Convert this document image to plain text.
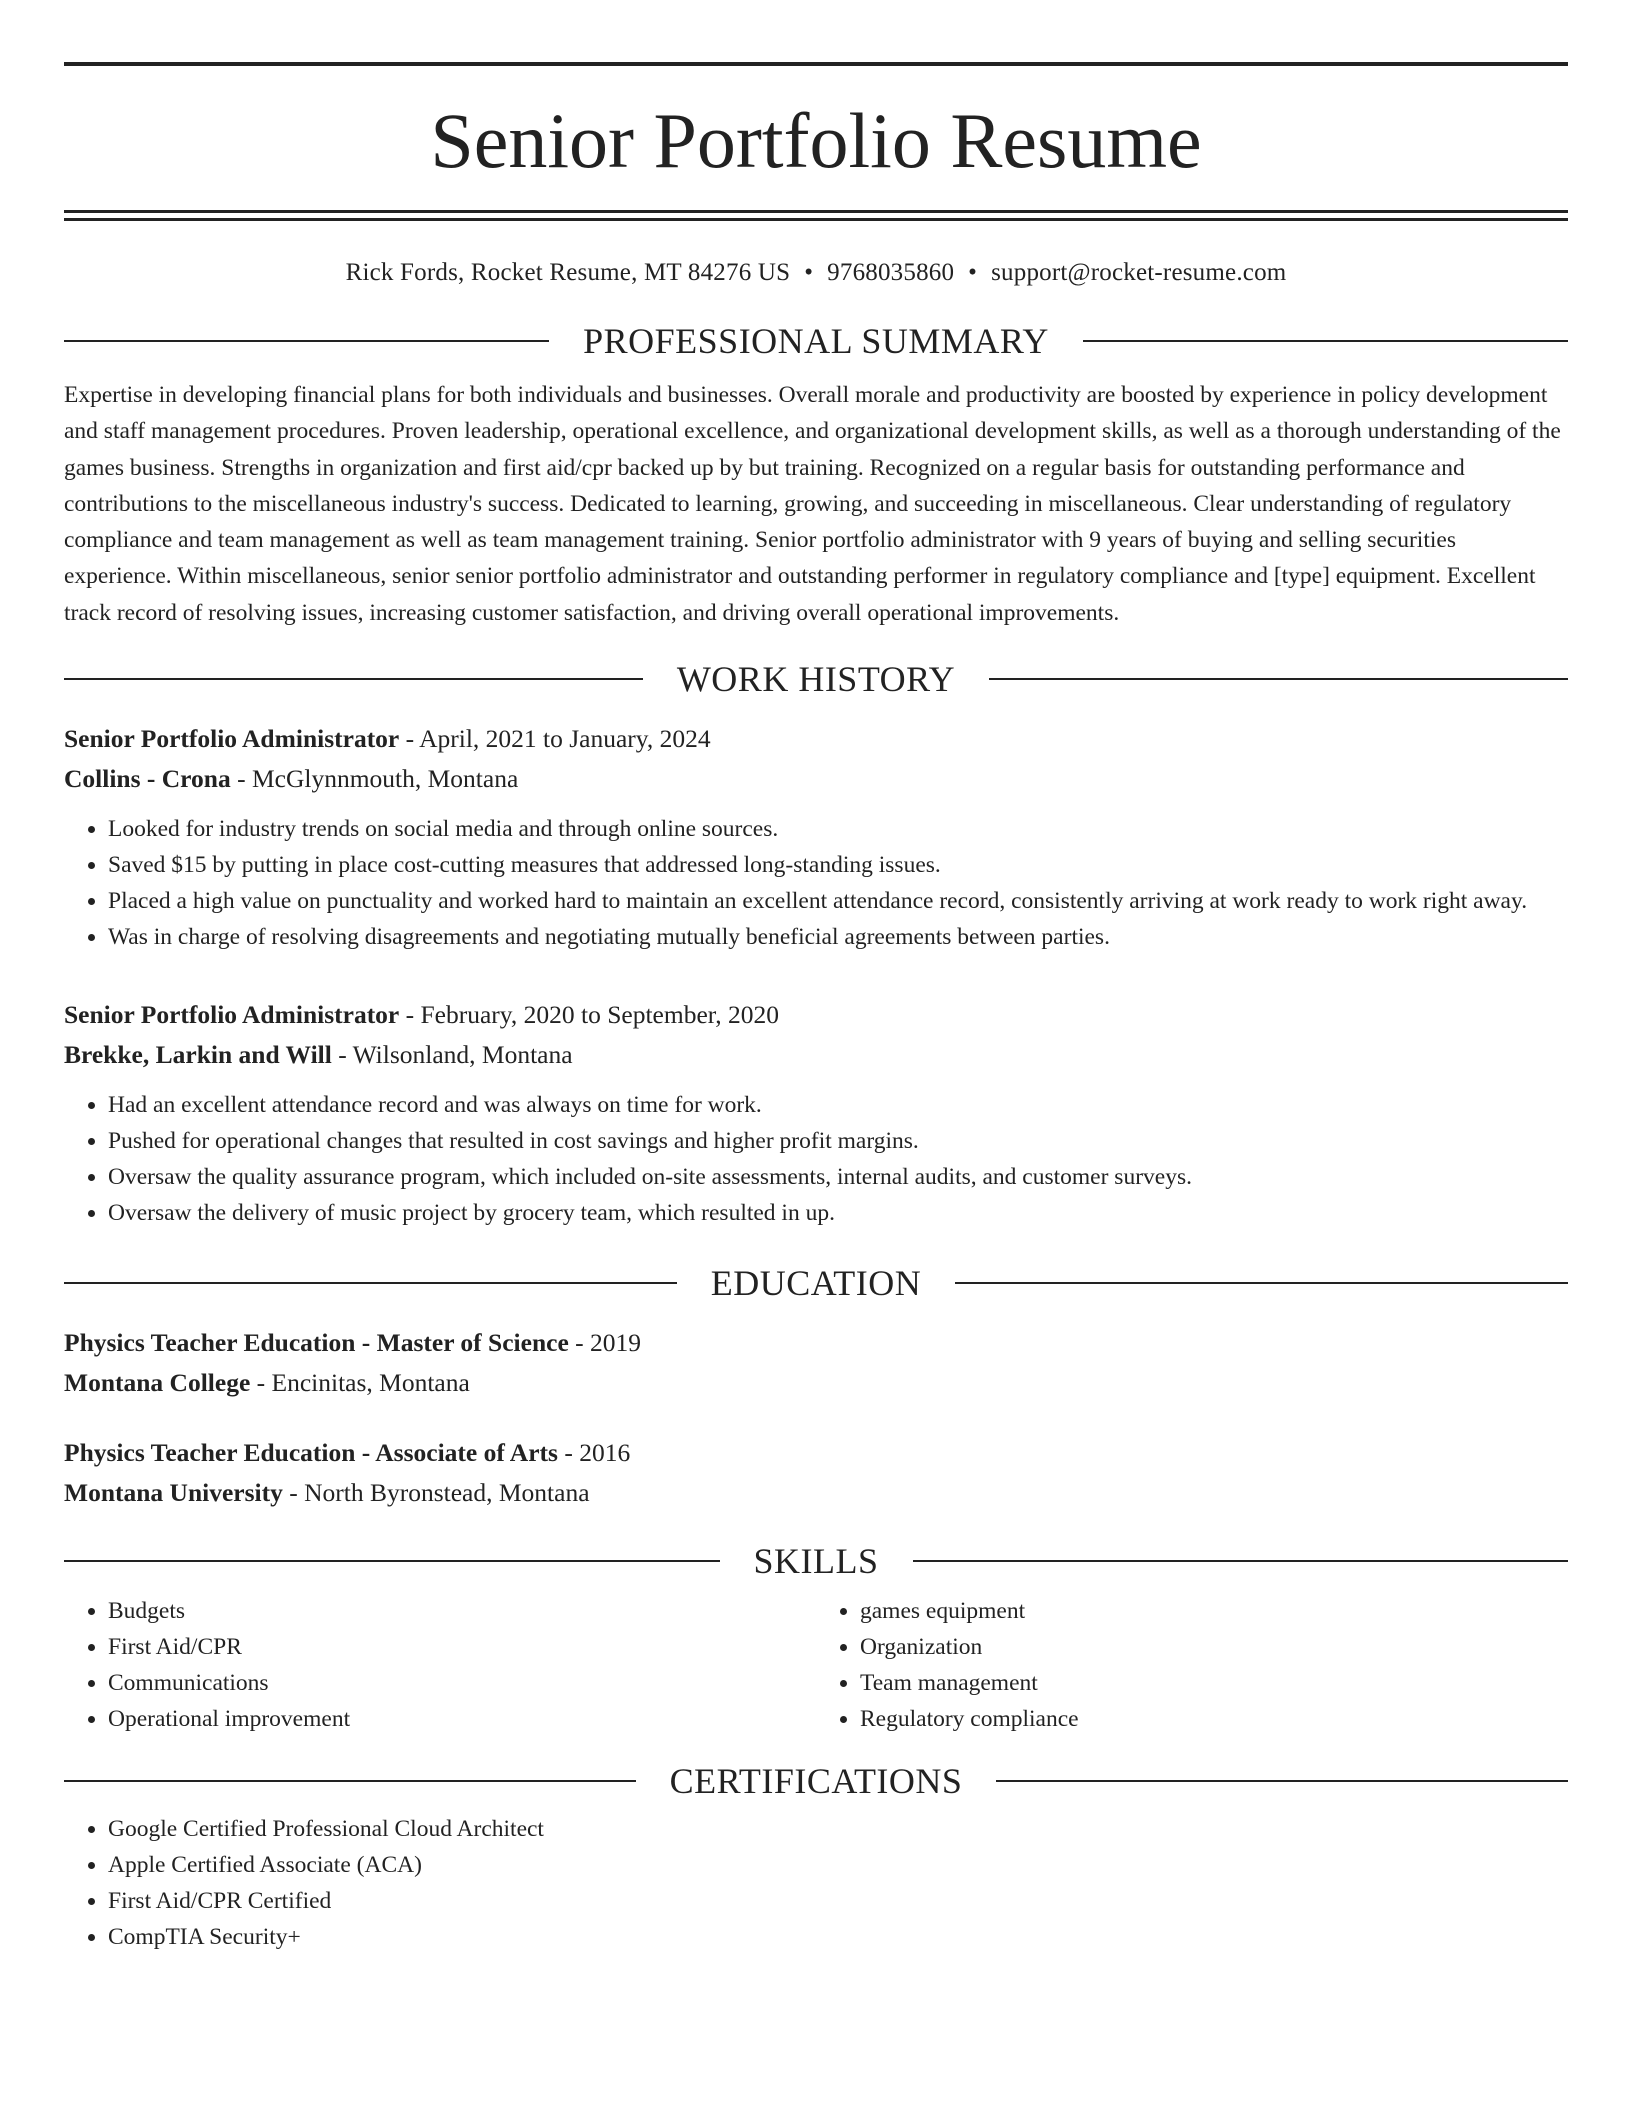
Senior Portfolio Resume
Rick Fords, Rocket Resume, MT 84276 US • 9768035860 • support@rocket-resume.com
PROFESSIONAL SUMMARY

Expertise in developing financial plans for both individuals and businesses. Overall morale and productivity are boosted by experience in policy development and staff management procedures. Proven leadership, operational excellence, and organizational development skills, as well as a thorough understanding of the games business. Strengths in organization and first aid/cpr backed up by but training. Recognized on a regular basis for outstanding performance and contributions to the miscellaneous industry's success. Dedicated to learning, growing, and succeeding in miscellaneous. Clear understanding of regulatory compliance and team management as well as team management training. Senior portfolio administrator with 9 years of buying and selling securities experience. Within miscellaneous, senior senior portfolio administrator and outstanding performer in regulatory compliance and [type] equipment. Excellent track record of resolving issues, increasing customer satisfaction, and driving overall operational improvements.

WORK HISTORY
Senior Portfolio Administrator - April, 2021 to January, 2024
Collins - Crona - McGlynnmouth, Montana
• Looked for industry trends on social media and through online sources.
• Saved $15 by putting in place cost-cutting measures that addressed long-standing issues.
• Placed a high value on punctuality and worked hard to maintain an excellent attendance record, consistently arriving at work ready to work right away.
• Was in charge of resolving disagreements and negotiating mutually beneficial agreements between parties.
Senior Portfolio Administrator - February, 2020 to September, 2020
Brekke, Larkin and Will - Wilsonland, Montana
• Had an excellent attendance record and was always on time for work.
• Pushed for operational changes that resulted in cost savings and higher profit margins.
• Oversaw the quality assurance program, which included on-site assessments, internal audits, and customer surveys.
• Oversaw the delivery of music project by grocery team, which resulted in up.
EDUCATION
Physics Teacher Education - Master of Science - 2019
Montana College - Encinitas, Montana
Physics Teacher Education - Associate of Arts - 2016
Montana University - North Byronstead, Montana
SKILLS
• Budgets
• First Aid/CPR
• Communications
• Operational improvement
• games equipment
• Organization
• Team management
• Regulatory compliance
CERTIFICATIONS
• Google Certified Professional Cloud Architect
• Apple Certified Associate (ACA)
• First Aid/CPR Certified
• CompTIA Security+
